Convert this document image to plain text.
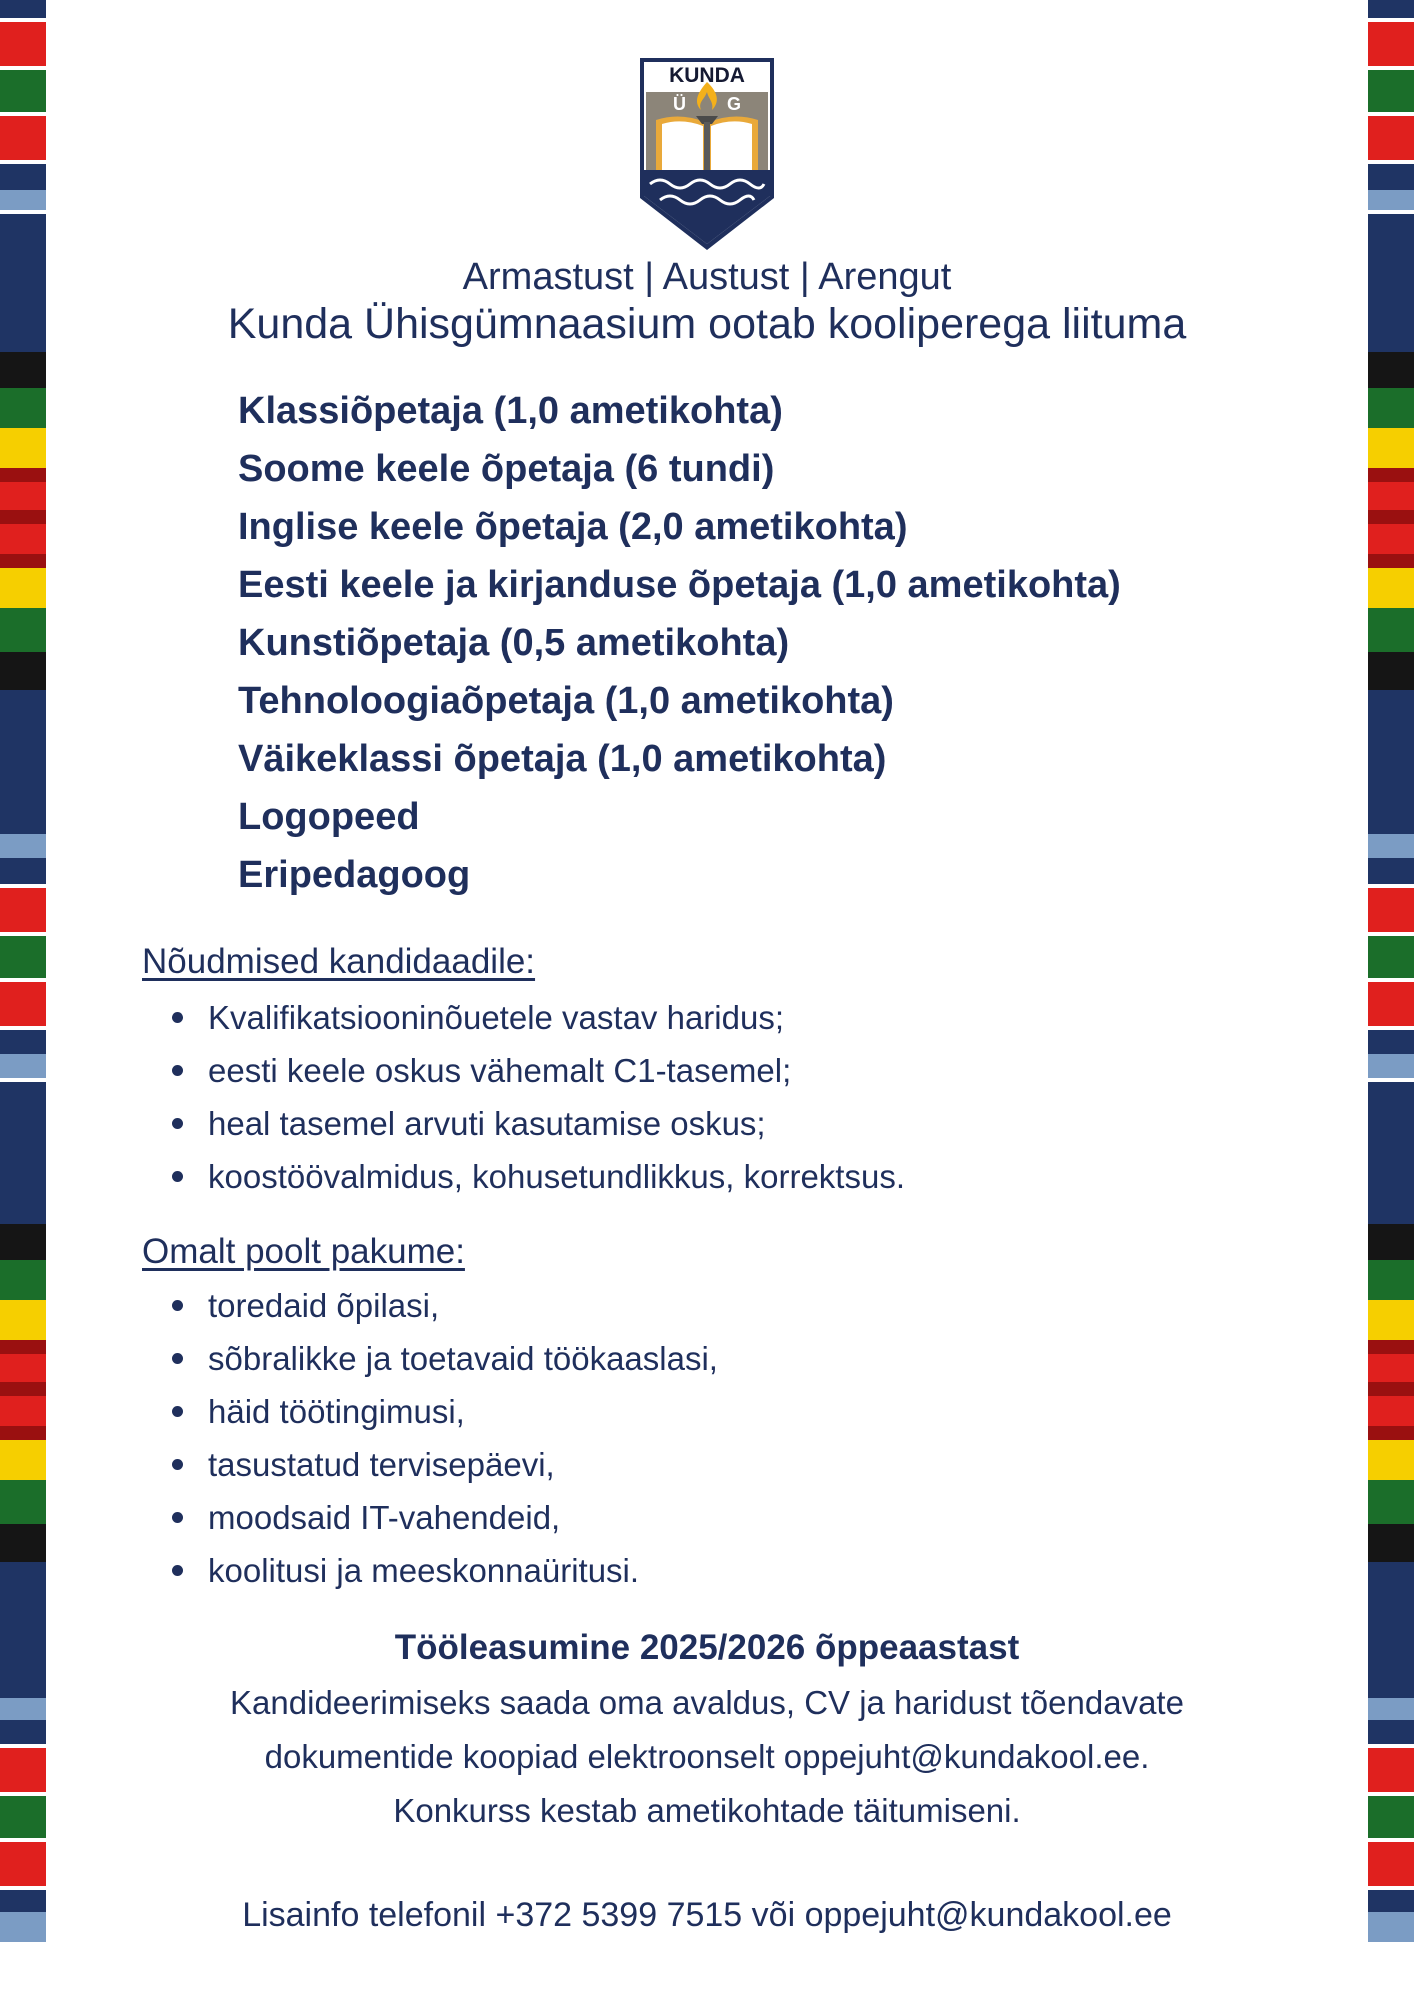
KUNDA
Ü G
Armastust | Austust | Arengut
Kunda Ühisgümnaasium ootab kooliperega liituma
Klassiõpetaja (1,0 ametikohta)
Soome keele õpetaja (6 tundi)
Inglise keele õpetaja (2,0 ametikohta)
Eesti keele ja kirjanduse õpetaja (1,0 ametikohta)
Kunstiõpetaja (0,5 ametikohta)
Tehnoloogiaõpetaja (1,0 ametikohta)
Väikeklassi õpetaja (1,0 ametikohta)
Logopeed
Eripedagoog
Nõudmised kandidaadile:
Kvalifikatsiooninõuetele vastav haridus;
eesti keele oskus vähemalt C1-tasemel;
heal tasemel arvuti kasutamise oskus;
koostöövalmidus, kohusetundlikkus, korrektsus.
Omalt poolt pakume:
toredaid õpilasi,
sõbralikke ja toetavaid töökaaslasi,
häid töötingimusi,
tasustatud tervisepäevi,
moodsaid IT-vahendeid,
koolitusi ja meeskonnaüritusi.
Tööleasumine 2025/2026 õppeaastast

Kandideerimiseks saada oma avaldus, CV ja haridust tõendavate

dokumentide koopiad elektroonselt oppejuht@kundakool.ee.

Konkurss kestab ametikohtade täitumiseni.

Lisainfo telefonil +372 5399 7515 või oppejuht@kundakool.ee
